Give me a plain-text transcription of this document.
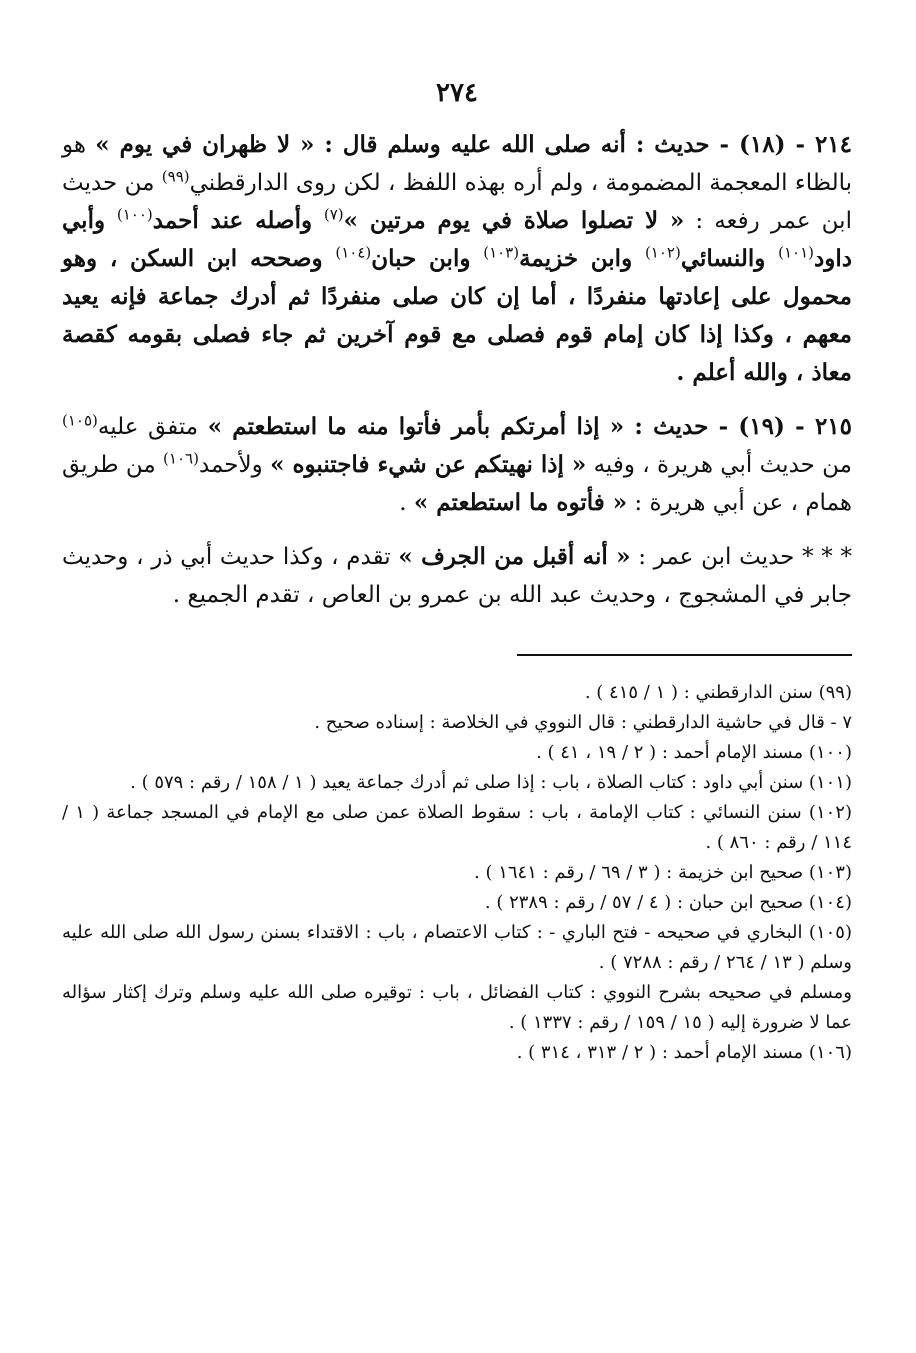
٢٧٤

٢١٤ - (١٨) - حديث : أنه صلى الله عليه وسلم قال : « لا ظهران في يوم » هو بالظاء المعجمة المضمومة ، ولم أره بهذه اللفظ ، لكن روى الدارقطني$^{(٩٩)}$ من حديث ابن عمر رفعه : « لا تصلوا صلاة في يوم مرتين »$^{(٧)}$ وأصله عند أحمد$^{(١٠٠)}$ وأبي داود$^{(١٠١)}$ والنسائي$^{(١٠٢)}$ وابن خزيمة$^{(١٠٣)}$ وابن حبان$^{(١٠٤)}$ وصححه ابن السكن ، وهو محمول على إعادتها منفردًا ، أما إن كان صلى منفردًا ثم أدرك جماعة فإنه يعيد معهم ، وكذا إذا كان إمام قوم فصلى مع قوم آخرين ثم جاء فصلى بقومه كقصة معاذ ، والله أعلم .

٢١٥ - (١٩) - حديث : « إذا أمرتكم بأمر فأتوا منه ما استطعتم » متفق عليه$^{(١٠٥)}$ من حديث أبي هريرة ، وفيه « إذا نهيتكم عن شيء فاجتنبوه » ولأحمد$^{(١٠٦)}$ من طريق همام ، عن أبي هريرة : « فأتوه ما استطعتم » .

* * * حديث ابن عمر : « أنه أقبل من الجرف » تقدم ، وكذا حديث أبي ذر ، وحديث جابر في المشجوج ، وحديث عبد الله بن عمرو بن العاص ، تقدم الجميع .

(٩٩) سنن الدارقطني : ( ١ / ٤١٥ ) .

٧ - قال في حاشية الدارقطني : قال النووي في الخلاصة : إسناده صحيح .

(١٠٠) مسند الإمام أحمد : ( ٢ / ١٩ ، ٤١ ) .

(١٠١) سنن أبي داود : كتاب الصلاة ، باب : إذا صلى ثم أدرك جماعة يعيد ( ١ / ١٥٨ / رقم : ٥٧٩ ) .

(١٠٢) سنن النسائي : كتاب الإمامة ، باب : سقوط الصلاة عمن صلى مع الإمام في المسجد جماعة ( ١ / ١١٤ / رقم : ٨٦٠ ) .

(١٠٣) صحيح ابن خزيمة : ( ٣ / ٦٩ / رقم : ١٦٤١ ) .

(١٠٤) صحيح ابن حبان : ( ٤ / ٥٧ / رقم : ٢٣٨٩ ) .

(١٠٥) البخاري في صحيحه - فتح الباري - : كتاب الاعتصام ، باب : الاقتداء بسنن رسول الله صلى الله عليه وسلم ( ١٣ / ٢٦٤ / رقم : ٧٢٨٨ ) .

ومسلم في صحيحه بشرح النووي : كتاب الفضائل ، باب : توقيره صلى الله عليه وسلم وترك إكثار سؤاله عما لا ضرورة إليه ( ١٥ / ١٥٩ / رقم : ١٣٣٧ ) .

(١٠٦) مسند الإمام أحمد : ( ٢ / ٣١٣ ، ٣١٤ ) .
